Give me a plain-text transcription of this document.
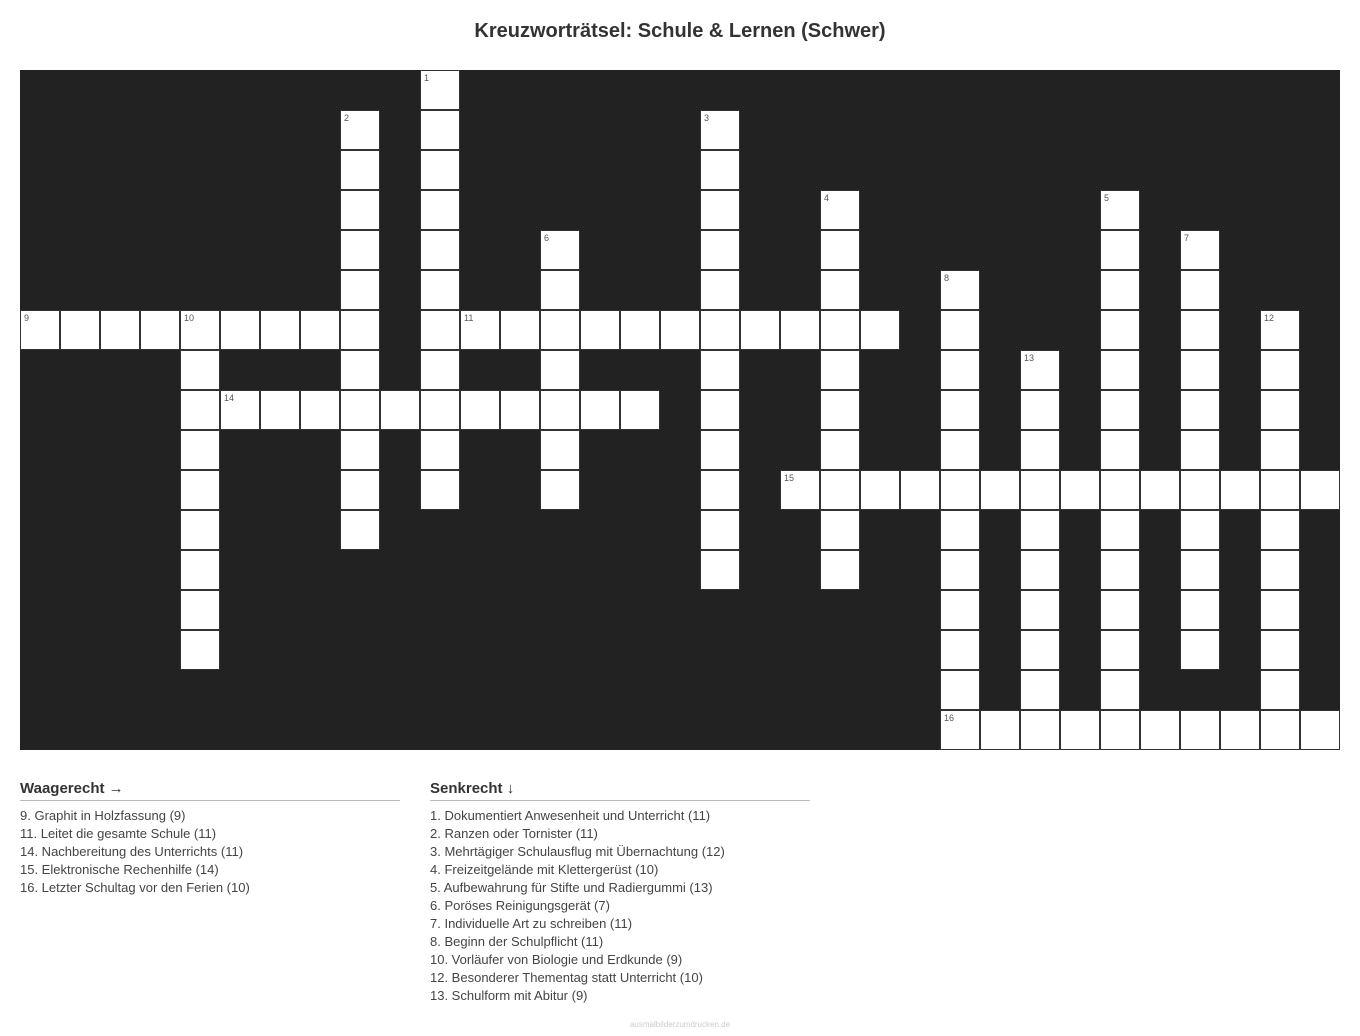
Kreuzworträtsel: Schule & Lernen (Schwer)
1
2	3
4	5
6	7
8
9	10	11	12
13
14
15
16
Waagerecht →
9. Graphit in Holzfassung (9)
11. Leitet die gesamte Schule (11)
14. Nachbereitung des Unterrichts (11)
15. Elektronische Rechenhilfe (14)
16. Letzter Schultag vor den Ferien (10)
Senkrecht ↓
1. Dokumentiert Anwesenheit und Unterricht (11)
2. Ranzen oder Tornister (11)
3. Mehrtägiger Schulausflug mit Übernachtung (12)
4. Freizeitgelände mit Klettergerüst (10)
5. Aufbewahrung für Stifte und Radiergummi (13)
6. Poröses Reinigungsgerät (7)
7. Individuelle Art zu schreiben (11)
8. Beginn der Schulpflicht (11)
10. Vorläufer von Biologie und Erdkunde (9)
12. Besonderer Thementag statt Unterricht (10)
13. Schulform mit Abitur (9)
ausmalbilderzumdrucken.de
